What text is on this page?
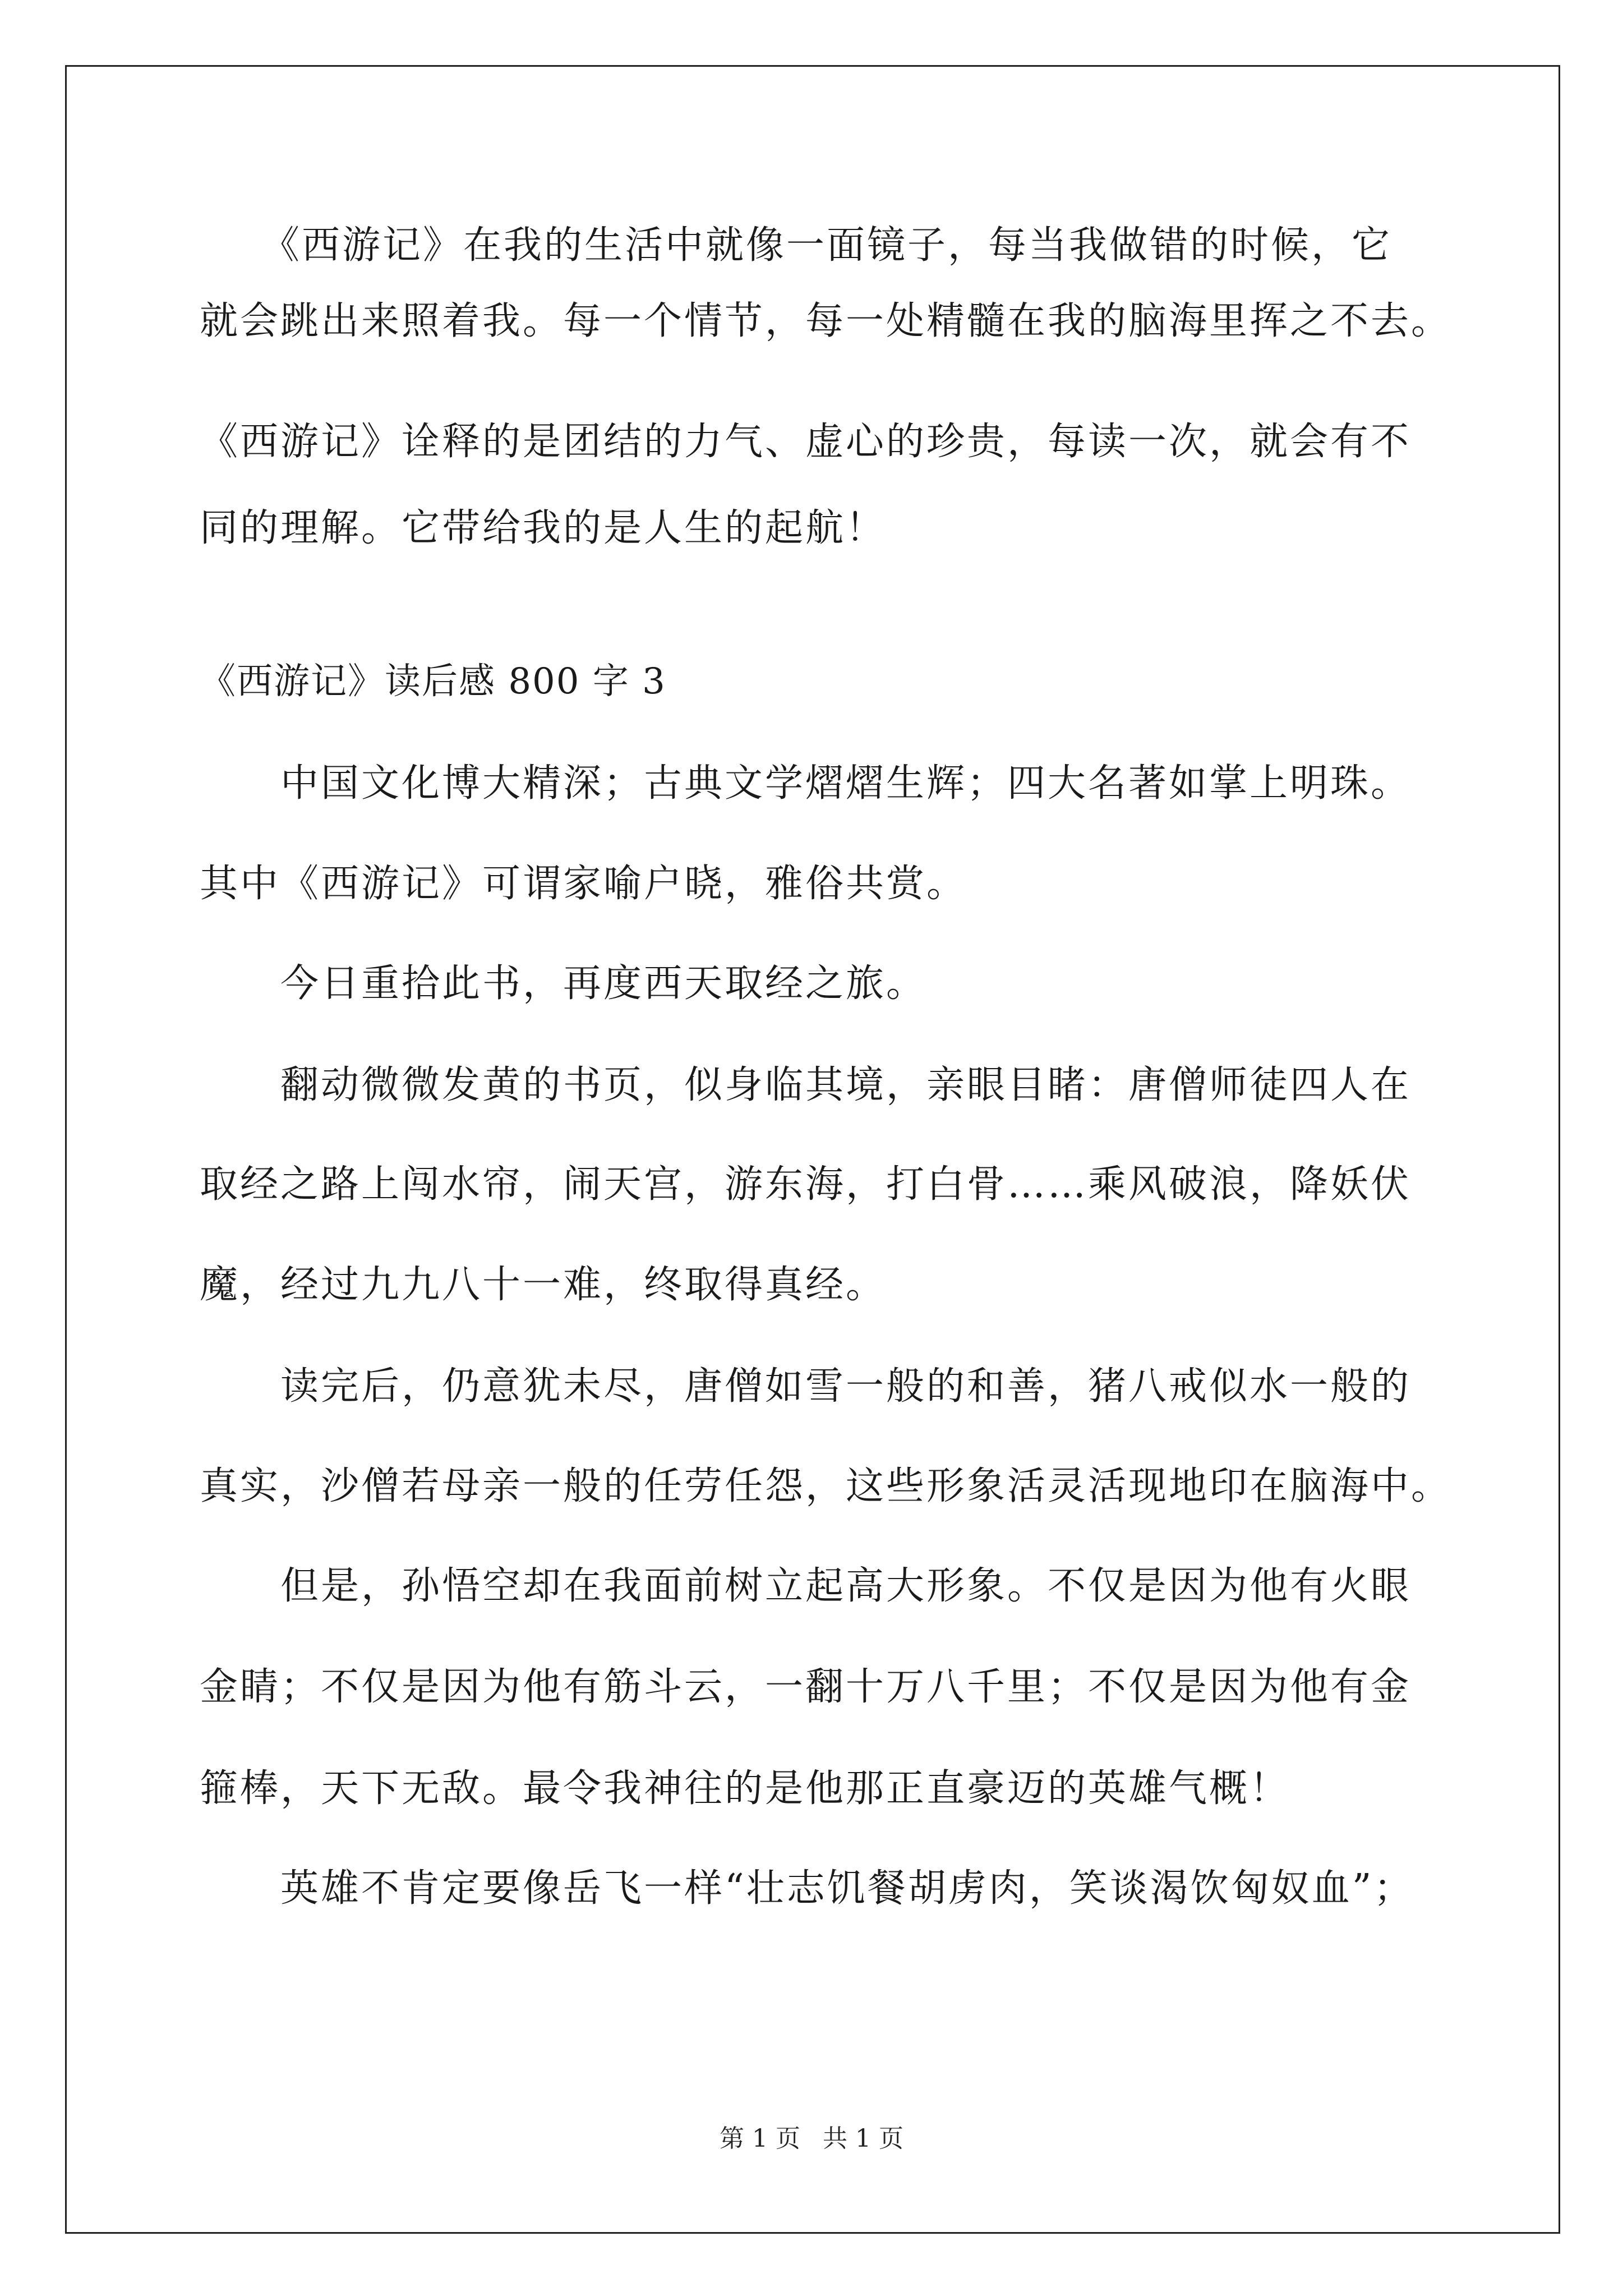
　　《西游记》在我的生活中就像一面镜子，每当我做错的时候，它
就会跳出来照着我。每一个情节，每一处精髓在我的脑海里挥之不去。
《西游记》诠释的是团结的力气、虚心的珍贵，每读一次，就会有不
同的理解。它带给我的是人生的起航！
《西游记》读后感 800 字 3
　　中国文化博大精深；古典文学熠熠生辉；四大名著如掌上明珠。
其中《西游记》可谓家喻户晓，雅俗共赏。
　　今日重拾此书，再度西天取经之旅。
　　翻动微微发黄的书页，似身临其境，亲眼目睹：唐僧师徒四人在
取经之路上闯水帘，闹天宫，游东海，打白骨……乘风破浪，降妖伏
魔，经过九九八十一难，终取得真经。
　　读完后，仍意犹未尽，唐僧如雪一般的和善，猪八戒似水一般的
真实，沙僧若母亲一般的任劳任怨，这些形象活灵活现地印在脑海中。
　　但是，孙悟空却在我面前树立起高大形象。不仅是因为他有火眼
金睛；不仅是因为他有筋斗云，一翻十万八千里；不仅是因为他有金
箍棒，天下无敌。最令我神往的是他那正直豪迈的英雄气概！
　　英雄不肯定要像岳飞一样“壮志饥餐胡虏肉，笑谈渴饮匈奴血”；
第 1 页 共 1 页
